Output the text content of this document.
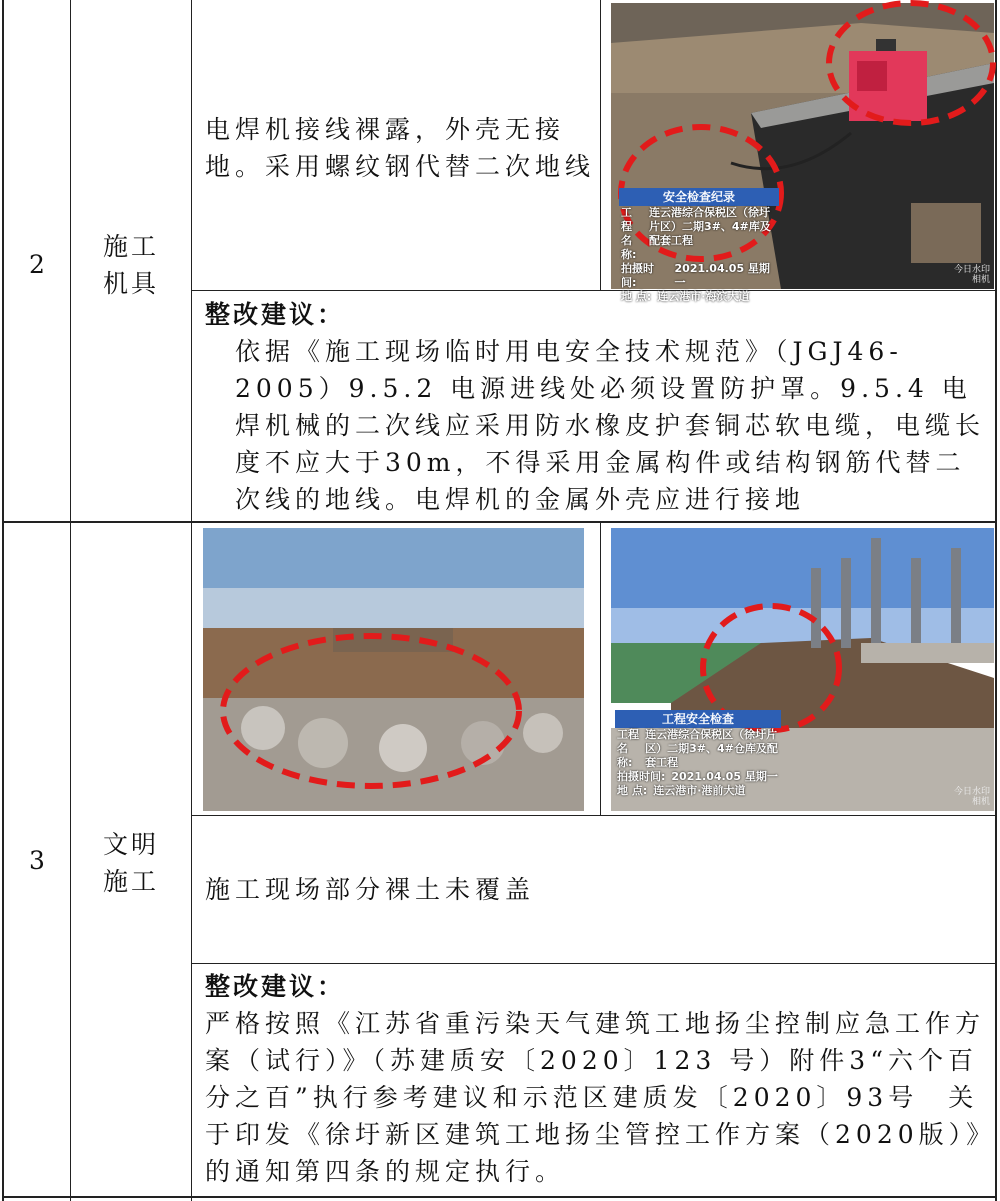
2
施工
机具
电焊机接线裸露，外壳无接地。采用螺纹钢代替二次地线
安全检查纪录
工程名称:
连云港综合保税区（徐圩片区）二期3#、4#库及配套工程
拍摄时间:
2021.04.05 星期一
地 点: 连云港市·海滨大道
今日水印
相机
整改建议：
依据《施工现场临时用电安全技术规范》（JGJ46-2005）9.5.2 电源进线处必须设置防护罩。9.5.4 电焊机械的二次线应采用防水橡皮护套铜芯软电缆，电缆长度不应大于30m，不得采用金属构件或结构钢筋代替二次线的地线。电焊机的金属外壳应进行接地
3
文明
施工
工程安全检查
工程名称:
连云港综合保税区（徐圩片区）二期3#、4#仓库及配套工程
拍摄时间: 2021.04.05 星期一
地 点: 连云港市·港前大道	今日水印
相机
施工现场部分裸土未覆盖
整改建议：
严格按照《江苏省重污染天气建筑工地扬尘控制应急工作方案（试行）》（苏建质安〔2020〕123 号）附件3“六个百分之百”执行参考建议和示范区建质发〔2020〕93号　关于印发《徐圩新区建筑工地扬尘管控工作方案（2020版）》的通知第四条的规定执行。
